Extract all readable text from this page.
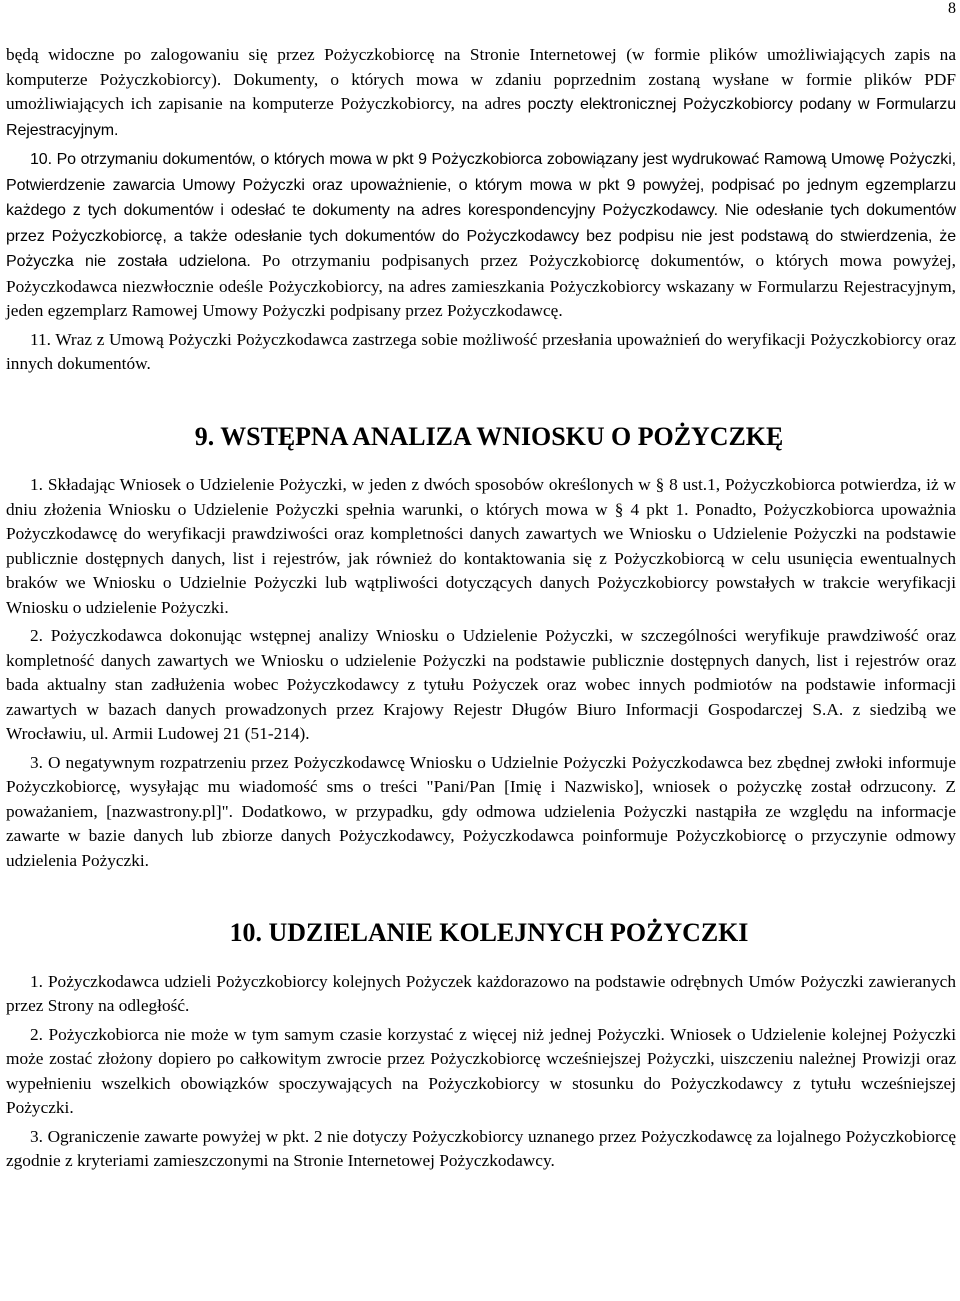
8

będą widoczne po zalogowaniu się przez Pożyczkobiorcę na Stronie Internetowej (w formie plików umożliwiających zapis na komputerze Pożyczkobiorcy). Dokumenty, o których mowa w zdaniu poprzednim zostaną wysłane w formie plików PDF umożliwiających ich zapisanie na komputerze Pożyczkobiorcy, na adres poczty elektronicznej Pożyczkobiorcy podany w Formularzu Rejestracyjnym.

10. Po otrzymaniu dokumentów, o których mowa w pkt 9 Pożyczkobiorca zobowiązany jest wydrukować Ramową Umowę Pożyczki, Potwierdzenie zawarcia Umowy Pożyczki oraz upoważnienie, o którym mowa w pkt 9 powyżej, podpisać po jednym egzemplarzu każdego z tych dokumentów i odesłać te dokumenty na adres korespondencyjny Pożyczkodawcy. Nie odesłanie tych dokumentów przez Pożyczkobiorcę, a także odesłanie tych dokumentów do Pożyczkodawcy bez podpisu nie jest podstawą do stwierdzenia, że Pożyczka nie została udzielona. Po otrzymaniu podpisanych przez Pożyczkobiorcę dokumentów, o których mowa powyżej, Pożyczkodawca niezwłocznie odeśle Pożyczkobiorcy, na adres zamieszkania Pożyczkobiorcy wskazany w Formularzu Rejestracyjnym, jeden egzemplarz Ramowej Umowy Pożyczki podpisany przez Pożyczkodawcę.

11. Wraz z Umową Pożyczki Pożyczkodawca zastrzega sobie możliwość przesłania upoważnień do weryfikacji Pożyczkobiorcy oraz innych dokumentów.

9. WSTĘPNA ANALIZA WNIOSKU O POŻYCZKĘ

1. Składając Wniosek o Udzielenie Pożyczki, w jeden z dwóch sposobów określonych w § 8 ust.1, Pożyczkobiorca potwierdza, iż w dniu złożenia Wniosku o Udzielenie Pożyczki spełnia warunki, o których mowa w § 4 pkt 1. Ponadto, Pożyczkobiorca upoważnia Pożyczkodawcę do weryfikacji prawdziwości oraz kompletności danych zawartych we Wniosku o Udzielenie Pożyczki na podstawie publicznie dostępnych danych, list i rejestrów, jak również do kontaktowania się z Pożyczkobiorcą w celu usunięcia ewentualnych braków we Wniosku o Udzielnie Pożyczki lub wątpliwości dotyczących danych Pożyczkobiorcy powstałych w trakcie weryfikacji Wniosku o udzielenie Pożyczki.

2. Pożyczkodawca dokonując wstępnej analizy Wniosku o Udzielenie Pożyczki, w szczególności weryfikuje prawdziwość oraz kompletność danych zawartych we Wniosku o udzielenie Pożyczki na podstawie publicznie dostępnych danych, list i rejestrów oraz bada aktualny stan zadłużenia wobec Pożyczkodawcy z tytułu Pożyczek oraz wobec innych podmiotów na podstawie informacji zawartych w bazach danych prowadzonych przez Krajowy Rejestr Długów Biuro Informacji Gospodarczej S.A. z siedzibą we Wrocławiu, ul. Armii Ludowej 21 (51-214).

3. O negatywnym rozpatrzeniu przez Pożyczkodawcę Wniosku o Udzielnie Pożyczki Pożyczkodawca bez zbędnej zwłoki informuje Pożyczkobiorcę, wysyłając mu wiadomość sms o treści "Pani/Pan [Imię i Nazwisko], wniosek o pożyczkę został odrzucony. Z poważaniem, [nazwastrony.pl]". Dodatkowo, w przypadku, gdy odmowa udzielenia Pożyczki nastąpiła ze względu na informacje zawarte w bazie danych lub zbiorze danych Pożyczkodawcy, Pożyczkodawca poinformuje Pożyczkobiorcę o przyczynie odmowy udzielenia Pożyczki.

10. UDZIELANIE KOLEJNYCH POŻYCZKI

1. Pożyczkodawca udzieli Pożyczkobiorcy kolejnych Pożyczek każdorazowo na podstawie odrębnych Umów Pożyczki zawieranych przez Strony na odległość.

2. Pożyczkobiorca nie może w tym samym czasie korzystać z więcej niż jednej Pożyczki. Wniosek o Udzielenie kolejnej Pożyczki może zostać złożony dopiero po całkowitym zwrocie przez Pożyczkobiorcę wcześniejszej Pożyczki, uiszczeniu należnej Prowizji oraz wypełnieniu wszelkich obowiązków spoczywających na Pożyczkobiorcy w stosunku do Pożyczkodawcy z tytułu wcześniejszej Pożyczki.

3. Ograniczenie zawarte powyżej w pkt. 2 nie dotyczy Pożyczkobiorcy uznanego przez Pożyczkodawcę za lojalnego Pożyczkobiorcę zgodnie z kryteriami zamieszczonymi na Stronie Internetowej Pożyczkodawcy.
